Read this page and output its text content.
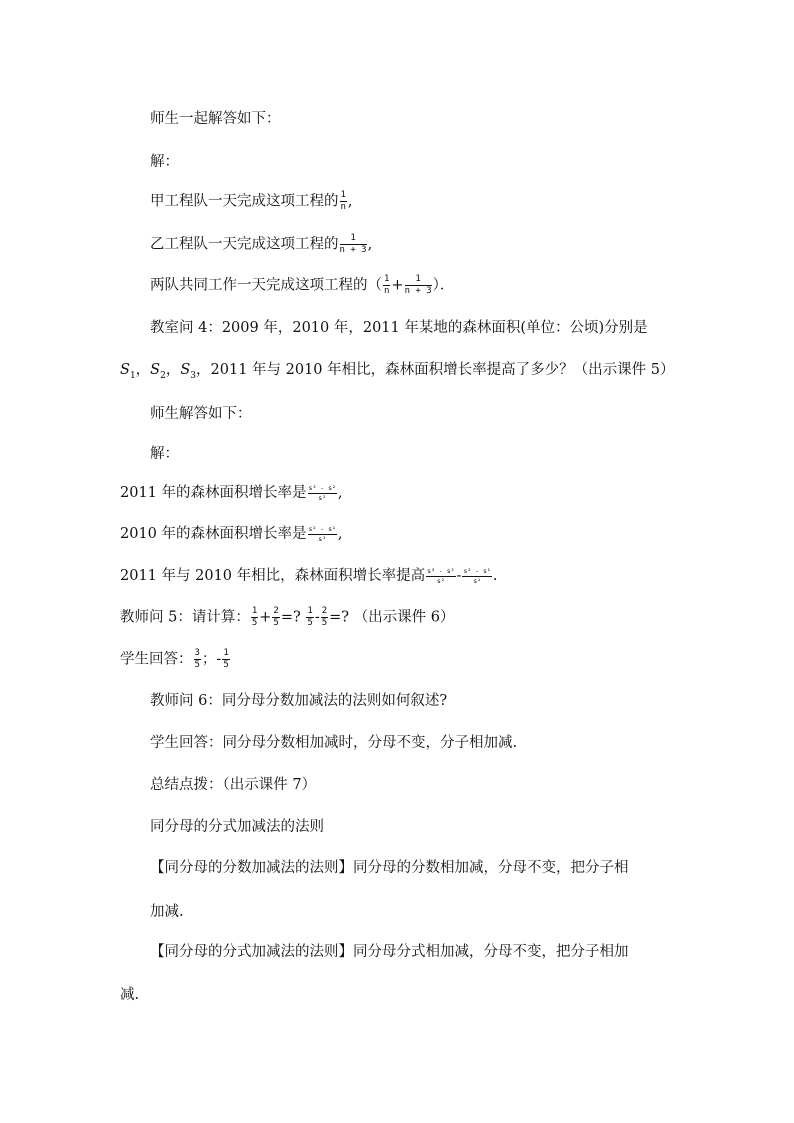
师生一起解答如下：
解：
甲工程队一天完成这项工程的 $\frac{1}{n}$ ,
乙工程队一天完成这项工程的 $\frac{1}{n + 3}$ ,
两队共同工作一天完成这项工程的（ $\frac{1}{n} + \frac{1}{n + 3}$ ）．
教室问 4：2009 年，2010 年，2011 年某地的森林面积(单位：公顷)分别是
$S_1$，$S_2$，$S_3$，2011 年与 2010 年相比，森林面积增长率提高了多少？（出示课件 5）
师生解答如下：
解：
2011 年的森林面积增长率是 $\frac{\text{s³ - s²}}{\text{s²}}$ ,
2010 年的森林面积增长率是 $\frac{\text{s² - s¹}}{\text{s¹}}$ ,
2011 年与 2010 年相比，森林面积增长率提高 $\frac{\text{s³ - s²}}{\text{s²}} - \frac{\text{s² - s¹}}{\text{s¹}}$ .
教师问 5：请计算： $\frac{1}{5} + \frac{2}{5}$ =? $\frac{1}{5} - \frac{2}{5}$ =? （出示课件 6）
学生回答： $\frac{3}{5}$ ；- $\frac{1}{5}$
教师问 6：同分母分数加减法的法则如何叙述?
学生回答：同分母分数相加减时，分母不变，分子相加减.
总结点拨：（出示课件 7）
同分母的分式加减法的法则
【同分母的分数加减法的法则】同分母的分数相加减，分母不变，把分子相
加减.
【同分母的分式加减法的法则】同分母分式相加减，分母不变，把分子相加
减.
